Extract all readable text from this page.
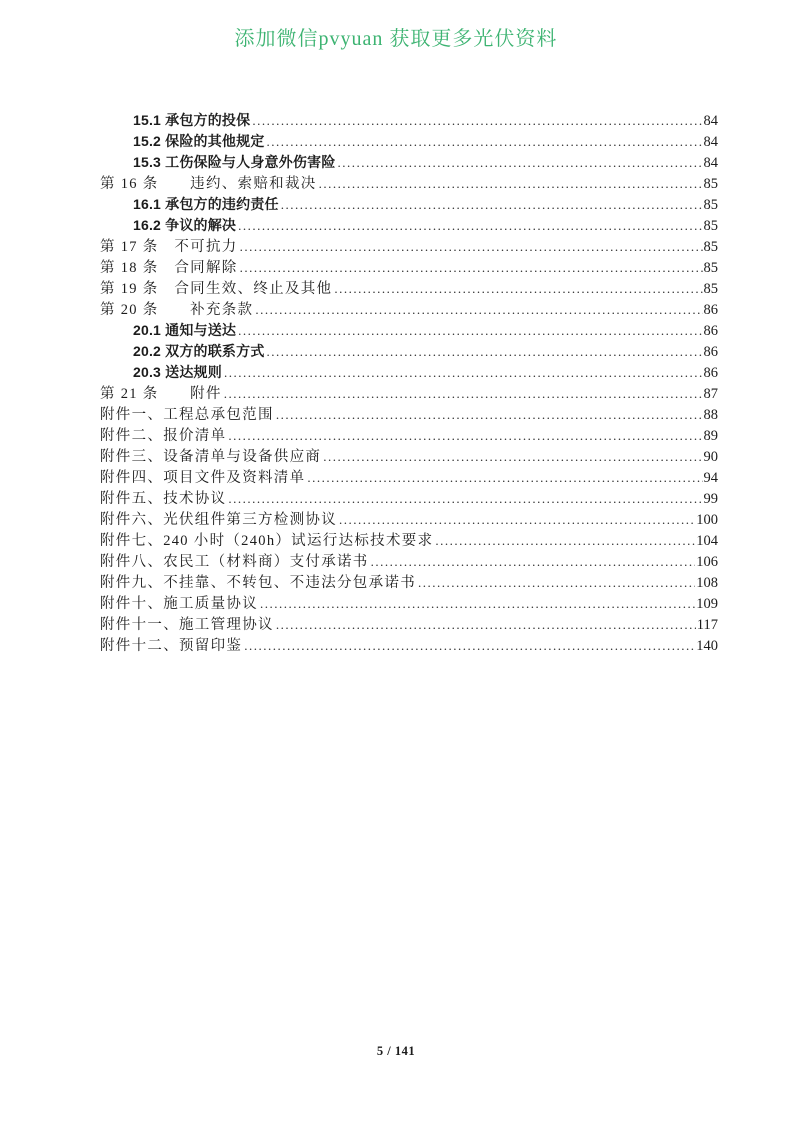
添加微信pvyuan 获取更多光伏资料
15.1 承包方的投保 .....	84
15.2 保险的其他规定 .....	84
15.3 工伤保险与人身意外伤害险 .....	84
第 16 条　　违约、索赔和裁决 .....	85
16.1 承包方的违约责任 .....	85
16.2 争议的解决 .....	85
第 17 条　不可抗力 .....	85
第 18 条　合同解除 .....	85
第 19 条　合同生效、终止及其他 .....	85
第 20 条　　补充条款 .....	86
20.1 通知与送达 .....	86
20.2 双方的联系方式 .....	86
20.3 送达规则 .....	86
第 21 条　　附件 .....	87
附件一、工程总承包范围 .....	88
附件二、报价清单 .....	89
附件三、设备清单与设备供应商 .....	90
附件四、项目文件及资料清单 .....	94
附件五、技术协议 .....	99
附件六、光伏组件第三方检测协议 .....	100
附件七、240 小时（240h）试运行达标技术要求 .....	104
附件八、农民工（材料商）支付承诺书 .....	106
附件九、不挂靠、不转包、不违法分包承诺书 .....	108
附件十、施工质量协议 .....	109
附件十一、施工管理协议 .....	117
附件十二、预留印鉴 .....	140
5 / 141
